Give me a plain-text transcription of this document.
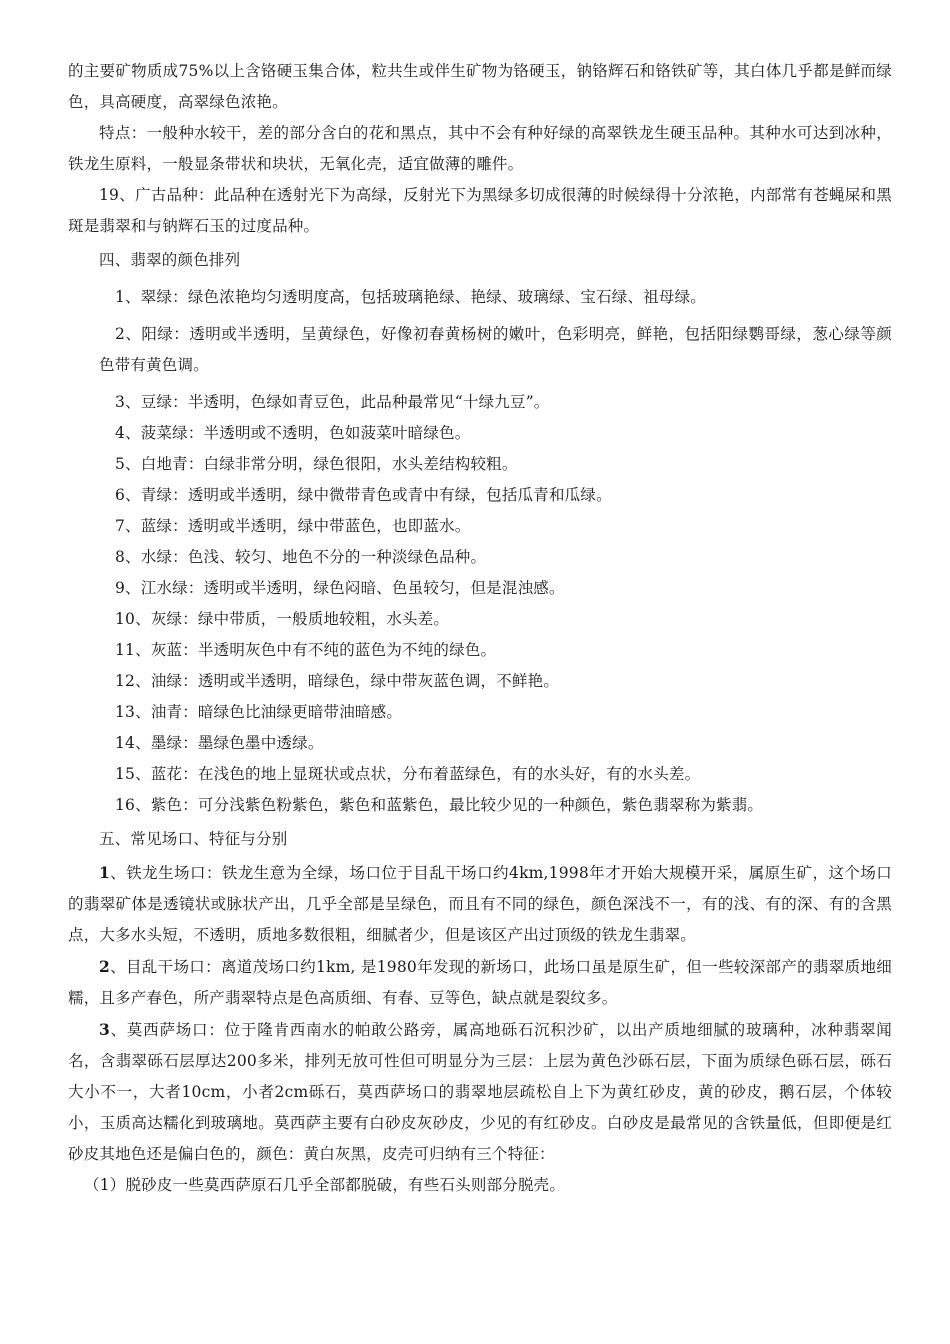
的主要矿物质成75%以上含铬硬玉集合体，粒共生或伴生矿物为铬硬玉，钠铬辉石和铬铁矿等，其白体几乎都是鲜而绿色，具高硬度，高翠绿色浓艳。

特点：一般种水较干，差的部分含白的花和黑点，其中不会有种好绿的高翠铁龙生硬玉品种。其种水可达到冰种，铁龙生原料，一般显条带状和块状，无氧化壳，适宜做薄的雕件。

19、广古品种：此品种在透射光下为高绿，反射光下为黑绿多切成很薄的时候绿得十分浓艳，内部常有苍蝇屎和黑斑是翡翠和与钠辉石玉的过度品种。

四、翡翠的颜色排列

1、翠绿：绿色浓艳均匀透明度高，包括玻璃艳绿、艳绿、玻璃绿、宝石绿、祖母绿。

2、阳绿：透明或半透明，呈黄绿色，好像初春黄杨树的嫩叶，色彩明亮，鲜艳，包括阳绿鹦哥绿，葱心绿等颜色带有黄色调。

3、豆绿：半透明，色绿如青豆色，此品种最常见“十绿九豆”。

4、菠菜绿：半透明或不透明，色如菠菜叶暗绿色。

5、白地青：白绿非常分明，绿色很阳，水头差结构较粗。

6、青绿：透明或半透明，绿中微带青色或青中有绿，包括瓜青和瓜绿。

7、蓝绿：透明或半透明，绿中带蓝色，也即蓝水。

8、水绿：色浅、较匀、地色不分的一种淡绿色品种。

9、江水绿：透明或半透明，绿色闷暗、色虽较匀，但是混浊感。

10、灰绿：绿中带质，一般质地较粗，水头差。

11、灰蓝：半透明灰色中有不纯的蓝色为不纯的绿色。

12、油绿：透明或半透明，暗绿色，绿中带灰蓝色调，不鲜艳。

13、油青：暗绿色比油绿更暗带油暗感。

14、墨绿：墨绿色墨中透绿。

15、蓝花：在浅色的地上显斑状或点状，分布着蓝绿色，有的水头好，有的水头差。

16、紫色：可分浅紫色粉紫色，紫色和蓝紫色，最比较少见的一种颜色，紫色翡翠称为紫翡。

五、常见场口、特征与分别

1、铁龙生场口：铁龙生意为全绿，场口位于目乱干场口约4km,1998年才开始大规模开采，属原生矿，这个场口的翡翠矿体是透镜状或脉状产出，几乎全部是呈绿色，而且有不同的绿色，颜色深浅不一，有的浅、有的深、有的含黑点，大多水头短，不透明，质地多数很粗，细腻者少，但是该区产出过顶级的铁龙生翡翠。

2、目乱干场口：离道茂场口约1km, 是1980年发现的新场口，此场口虽是原生矿，但一些较深部产的翡翠质地细糯，且多产春色，所产翡翠特点是色高质细、有春、豆等色，缺点就是裂纹多。

3、莫西萨场口：位于隆肯西南水的帕敢公路旁，属高地砾石沉积沙矿，以出产质地细腻的玻璃种，冰种翡翠闻名，含翡翠砾石层厚达200多米，排列无放可性但可明显分为三层：上层为黄色沙砾石层，下面为质绿色砾石层，砾石大小不一，大者10cm，小者2cm砾石，莫西萨场口的翡翠地层疏松自上下为黄红砂皮，黄的砂皮，鹅石层，个体较小，玉质高达糯化到玻璃地。莫西萨主要有白砂皮灰砂皮，少见的有红砂皮。白砂皮是最常见的含铁量低，但即便是红砂皮其地色还是偏白色的，颜色：黄白灰黑，皮壳可归纳有三个特征：

（1）脱砂皮一些莫西萨原石几乎全部都脱破，有些石头则部分脱壳。
